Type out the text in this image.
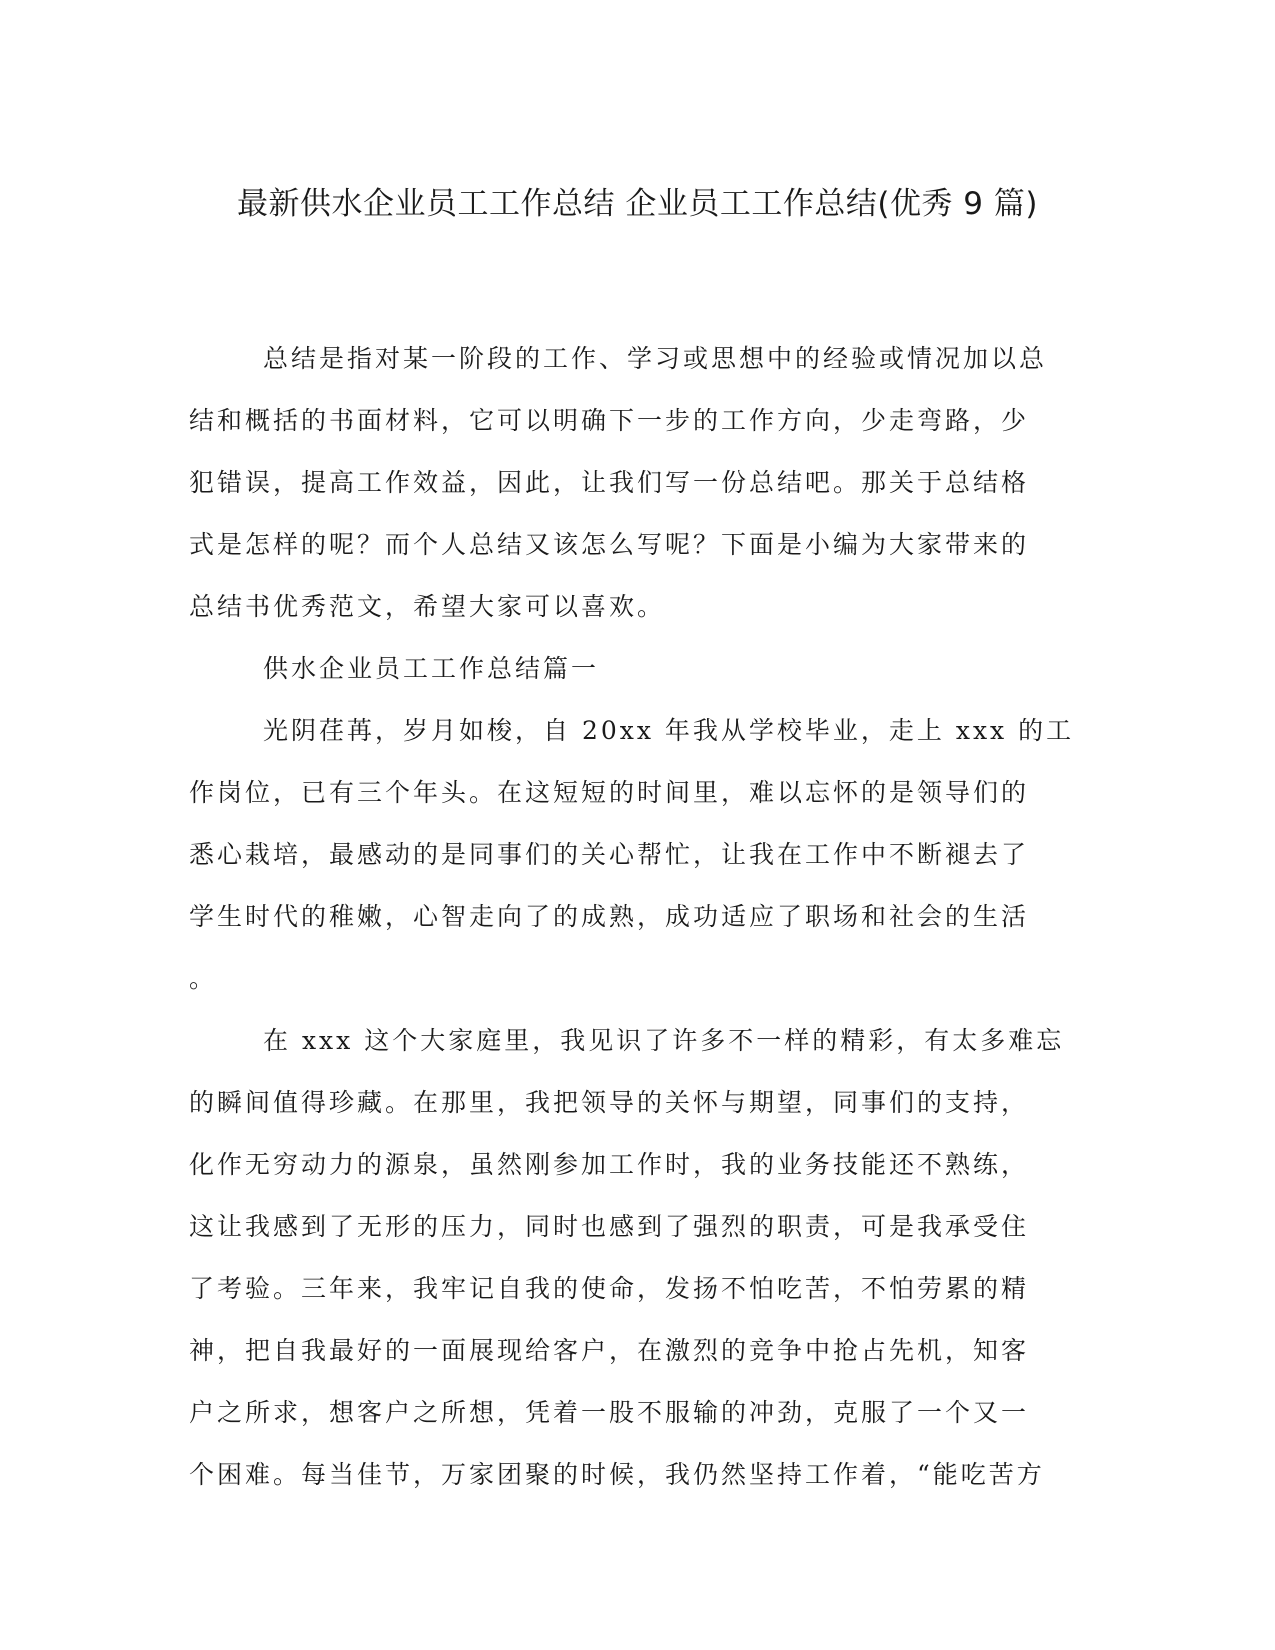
最新供水企业员工工作总结 企业员工工作总结(优秀 9 篇)
总结是指对某一阶段的工作、学习或思想中的经验或情况加以总
结和概括的书面材料，它可以明确下一步的工作方向，少走弯路，少
犯错误，提高工作效益，因此，让我们写一份总结吧。那关于总结格
式是怎样的呢？而个人总结又该怎么写呢？下面是小编为大家带来的
总结书优秀范文，希望大家可以喜欢。
供水企业员工工作总结篇一
光阴荏苒，岁月如梭，自 20xx 年我从学校毕业，走上 xxx 的工
作岗位，已有三个年头。在这短短的时间里，难以忘怀的是领导们的
悉心栽培，最感动的是同事们的关心帮忙，让我在工作中不断褪去了
学生时代的稚嫩，心智走向了的成熟，成功适应了职场和社会的生活
。
在 xxx 这个大家庭里，我见识了许多不一样的精彩，有太多难忘
的瞬间值得珍藏。在那里，我把领导的关怀与期望，同事们的支持，
化作无穷动力的源泉，虽然刚参加工作时，我的业务技能还不熟练，
这让我感到了无形的压力，同时也感到了强烈的职责，可是我承受住
了考验。三年来，我牢记自我的使命，发扬不怕吃苦，不怕劳累的精
神，把自我最好的一面展现给客户，在激烈的竞争中抢占先机，知客
户之所求，想客户之所想，凭着一股不服输的冲劲，克服了一个又一
个困难。每当佳节，万家团聚的时候，我仍然坚持工作着，“能吃苦方
